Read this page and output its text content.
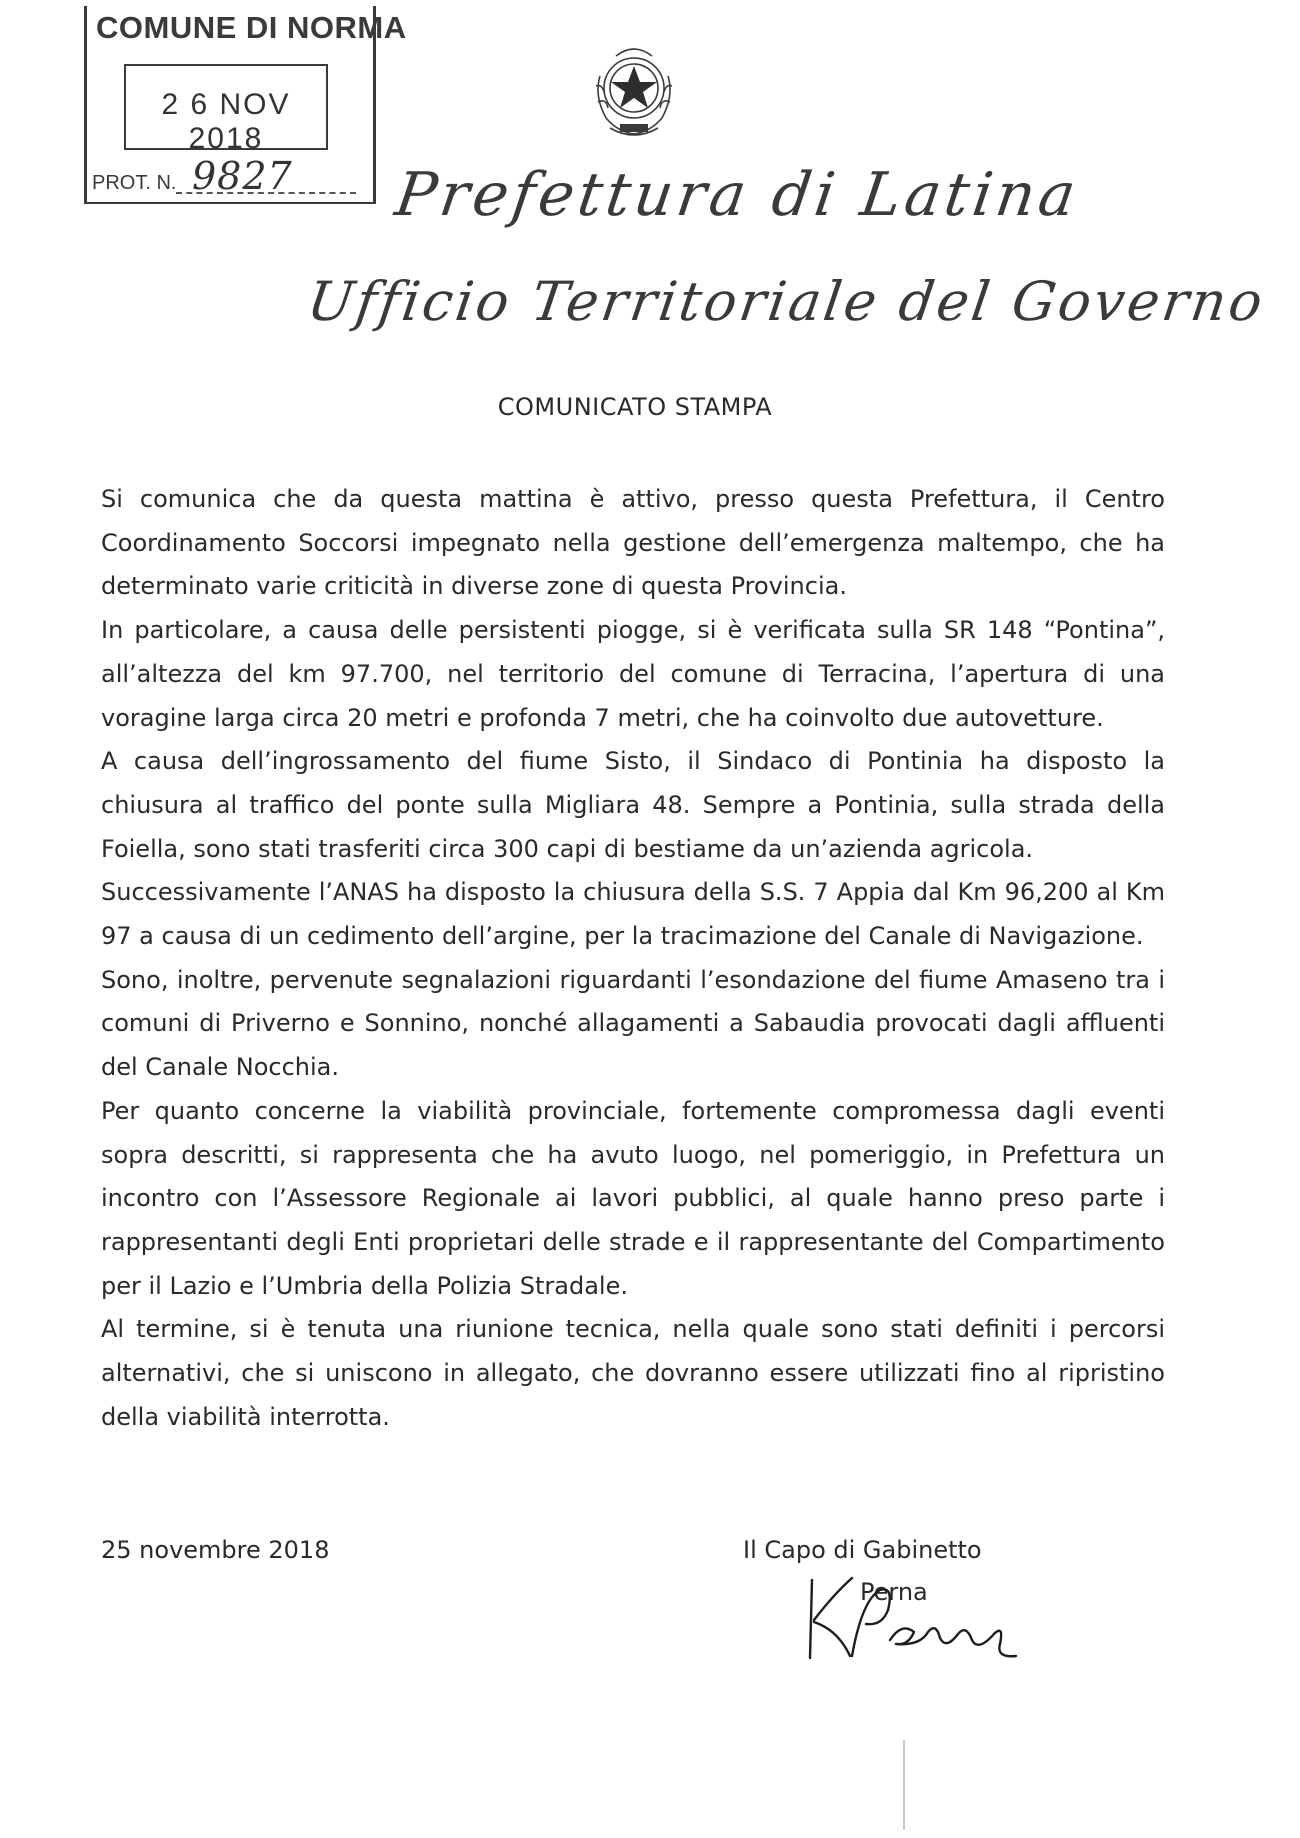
COMUNE DI NORMA
2 6 NOV 2018
PROT. N. 9827 Prefettura di Latina
Ufficio Territoriale del Governo
COMUNICATO STAMPA

Si comunica che da questa mattina è attivo, presso questa Prefettura, il Centro Coordinamento Soccorsi impegnato nella gestione dell’emergenza maltempo, che ha determinato varie criticità in diverse zone di questa Provincia.

In particolare, a causa delle persistenti piogge, si è verificata sulla SR 148 “Pontina”, all’altezza del km 97.700, nel territorio del comune di Terracina, l’apertura di una voragine larga circa 20 metri e profonda 7 metri, che ha coinvolto due autovetture.

A causa dell’ingrossamento del fiume Sisto, il Sindaco di Pontinia ha disposto la chiusura al traffico del ponte sulla Migliara 48. Sempre a Pontinia, sulla strada della Foiella, sono stati trasferiti circa 300 capi di bestiame da un’azienda agricola.

Successivamente l’ANAS ha disposto la chiusura della S.S. 7 Appia dal Km 96,200 al Km 97 a causa di un cedimento dell’argine, per la tracimazione del Canale di Navigazione.

Sono, inoltre, pervenute segnalazioni riguardanti l’esondazione del fiume Amaseno tra i comuni di Priverno e Sonnino, nonché allagamenti a Sabaudia provocati dagli affluenti del Canale Nocchia.

Per quanto concerne la viabilità provinciale, fortemente compromessa dagli eventi sopra descritti, si rappresenta che ha avuto luogo, nel pomeriggio, in Prefettura un incontro con l’Assessore Regionale ai lavori pubblici, al quale hanno preso parte i rappresentanti degli Enti proprietari delle strade e il rappresentante del Compartimento per il Lazio e l’Umbria della Polizia Stradale.

Al termine, si è tenuta una riunione tecnica, nella quale sono stati definiti i percorsi alternativi, che si uniscono in allegato, che dovranno essere utilizzati fino al ripristino della viabilità interrotta.

25 novembre 2018	Il Capo di Gabinetto
Perna
